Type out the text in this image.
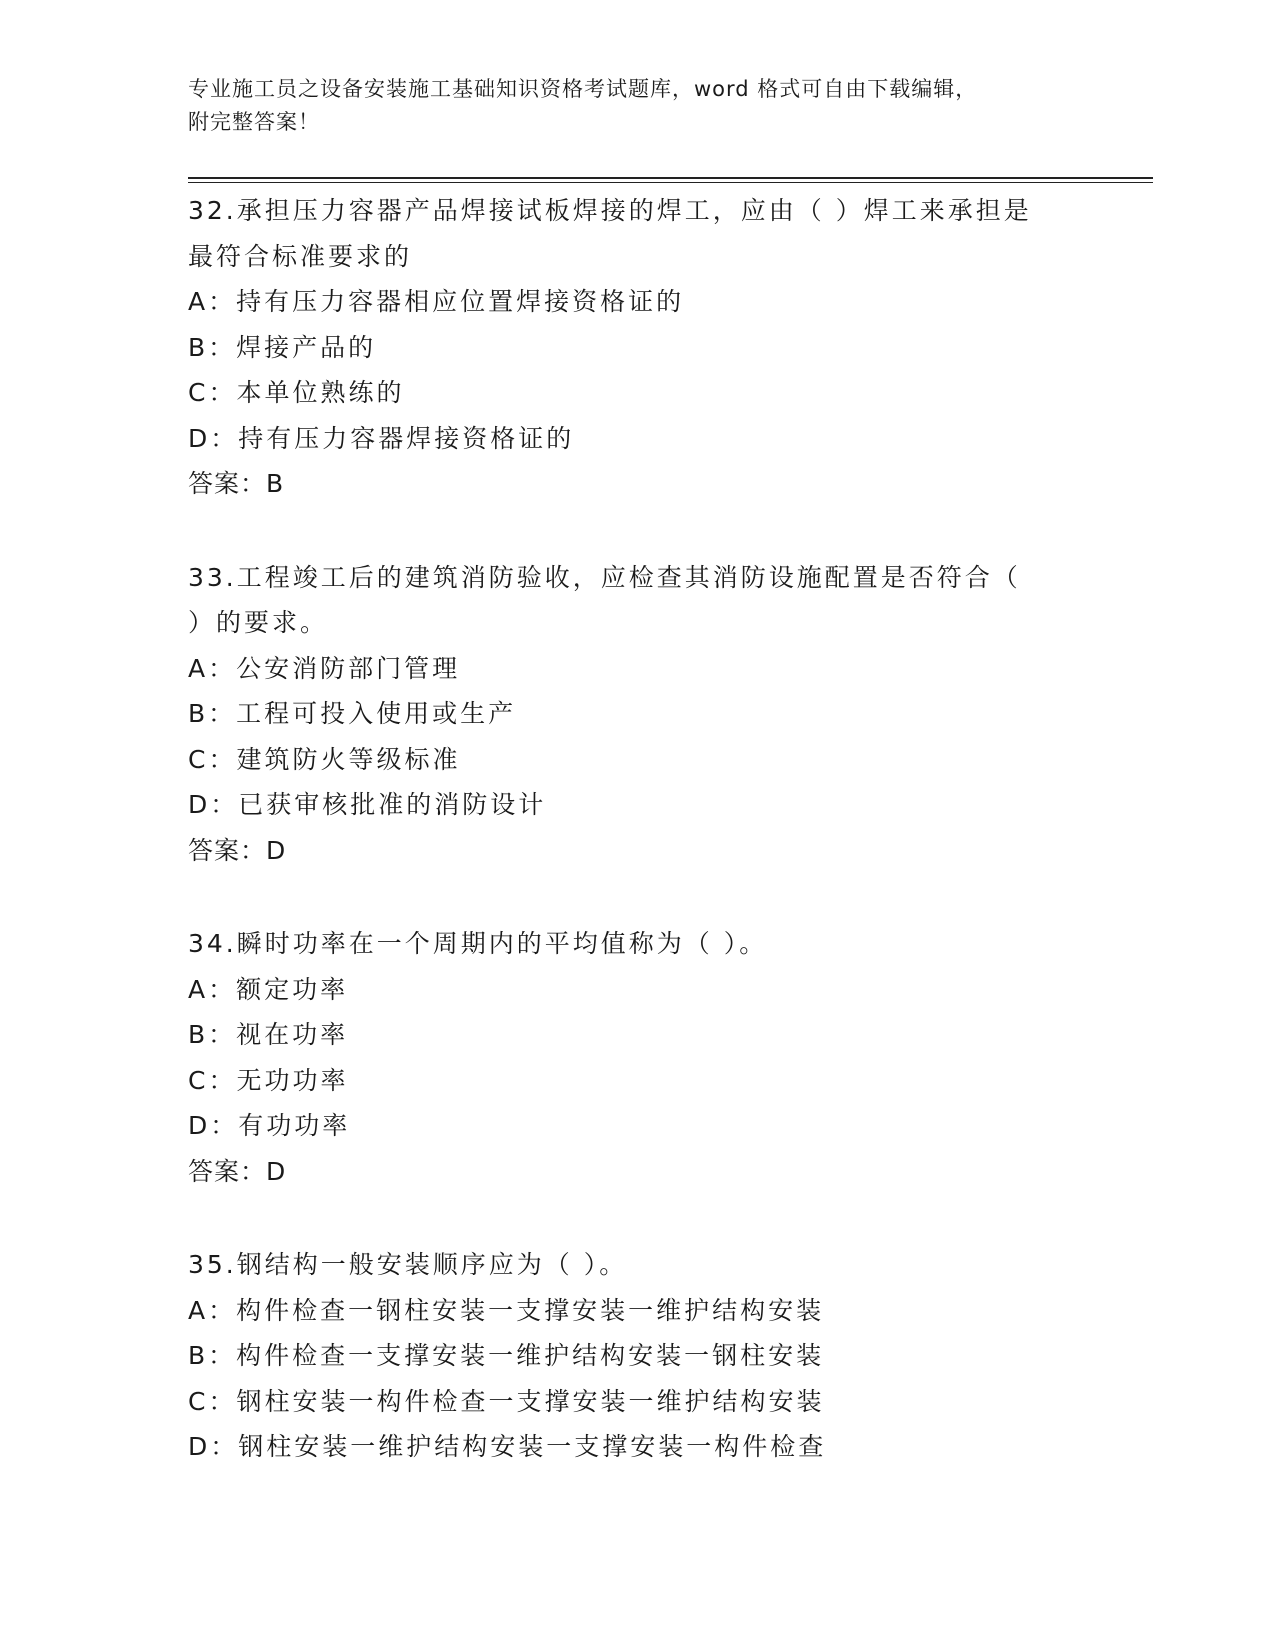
专业施工员之设备安装施工基础知识资格考试题库，word 格式可自由下载编辑，
附完整答案！

32.承担压力容器产品焊接试板焊接的焊工，应由（ ）焊工来承担是

最符合标准要求的

A：持有压力容器相应位置焊接资格证的

B：焊接产品的

C：本单位熟练的

D：持有压力容器焊接资格证的

答案：B

33.工程竣工后的建筑消防验收，应检查其消防设施配置是否符合（

）的要求。

A：公安消防部门管理

B：工程可投入使用或生产

C：建筑防火等级标准

D：已获审核批准的消防设计

答案：D

34.瞬时功率在一个周期内的平均值称为（ ）。

A：额定功率

B：视在功率

C：无功功率

D：有功功率

答案：D

35.钢结构一般安装顺序应为（ ）。

A：构件检查一钢柱安装一支撑安装一维护结构安装

B：构件检查一支撑安装一维护结构安装一钢柱安装

C：钢柱安装一构件检查一支撑安装一维护结构安装

D：钢柱安装一维护结构安装一支撑安装一构件检查
